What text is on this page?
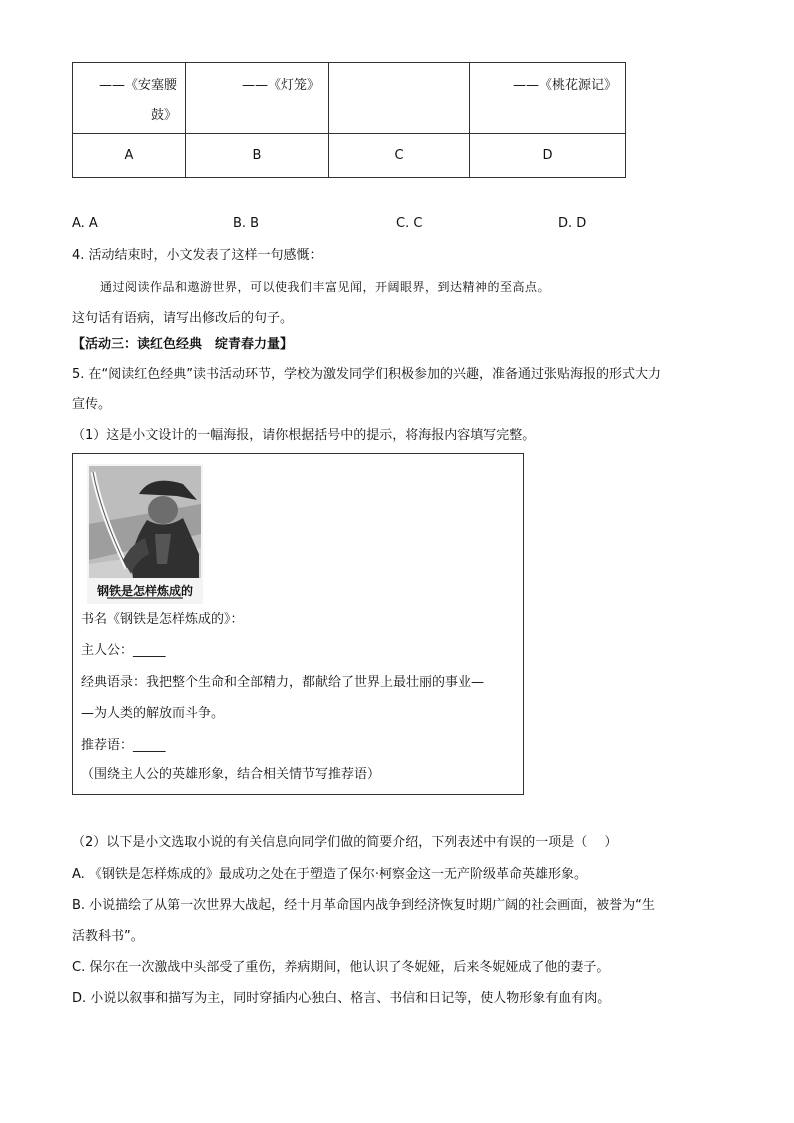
——《安塞腰
鼓》	——《灯笼》		——《桃花源记》

A	B	C	D
A. A	B. B	C. C	D. D
4. 活动结束时，小文发表了这样一句感慨：
通过阅读作品和遨游世界，可以使我们丰富见闻，开阔眼界，到达精神的至高点。
这句话有语病，请写出修改后的句子。
【活动三：读红色经典　绽青春力量】
5. 在“阅读红色经典”读书活动环节，学校为激发同学们积极参加的兴趣，准备通过张贴海报的形式大力
宣传。
（1）这是小文设计的一幅海报，请你根据括号中的提示，将海报内容填写完整。
钢铁是怎样炼成的
书名《钢铁是怎样炼成的》：
主人公：_____
经典语录：我把整个生命和全部精力，都献给了世界上最壮丽的事业—
—为人类的解放而斗争。
推荐语：_____
（围绕主人公的英雄形象，结合相关情节写推荐语）
（2）以下是小文选取小说的有关信息向同学们做的简要介绍，下列表述中有误的一项是（　 ）
A. 《钢铁是怎样炼成的》最成功之处在于塑造了保尔·柯察金这一无产阶级革命英雄形象。
B. 小说描绘了从第一次世界大战起，经十月革命国内战争到经济恢复时期广阔的社会画面，被誉为“生
活教科书”。
C. 保尔在一次激战中头部受了重伤，养病期间，他认识了冬妮娅，后来冬妮娅成了他的妻子。
D. 小说以叙事和描写为主，同时穿插内心独白、格言、书信和日记等，使人物形象有血有肉。
